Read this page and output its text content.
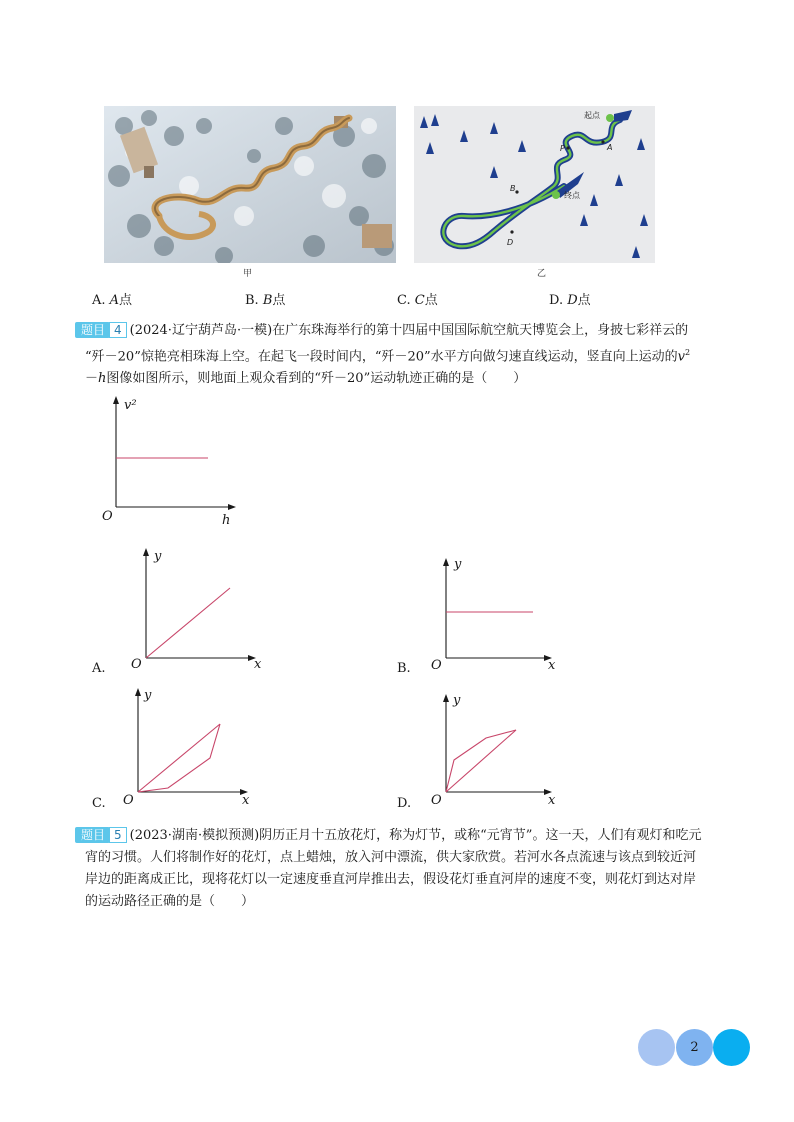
甲
起点
终点
P	A
B
D
乙
A. A点	B. B点	C. C点	D. D点
题目 4 (2024·辽宁葫芦岛·一模)在广东珠海举行的第十四届中国国际航空航天博览会上，身披七彩祥云的
“歼－20”惊艳亮相珠海上空。在起飞一段时间内，“歼－20”水平方向做匀速直线运动，竖直向上运动的$v^2$
－h图像如图所示，则地面上观众看到的“歼－20”运动轨迹正确的是（　　）
v²
h
O
A.
y
x
O	B.
y
x
O
C.
y
x
O	D.
y
x
O
题目 5 (2023·湖南·模拟预测)阴历正月十五放花灯，称为灯节，或称“元宵节”。这一天，人们有观灯和吃元
宵的习惯。人们将制作好的花灯，点上蜡烛，放入河中漂流，供大家欣赏。若河水各点流速与该点到较近河
岸边的距离成正比，现将花灯以一定速度垂直河岸推出去，假设花灯垂直河岸的速度不变，则花灯到达对岸
的运动路径正确的是（　　）
2
